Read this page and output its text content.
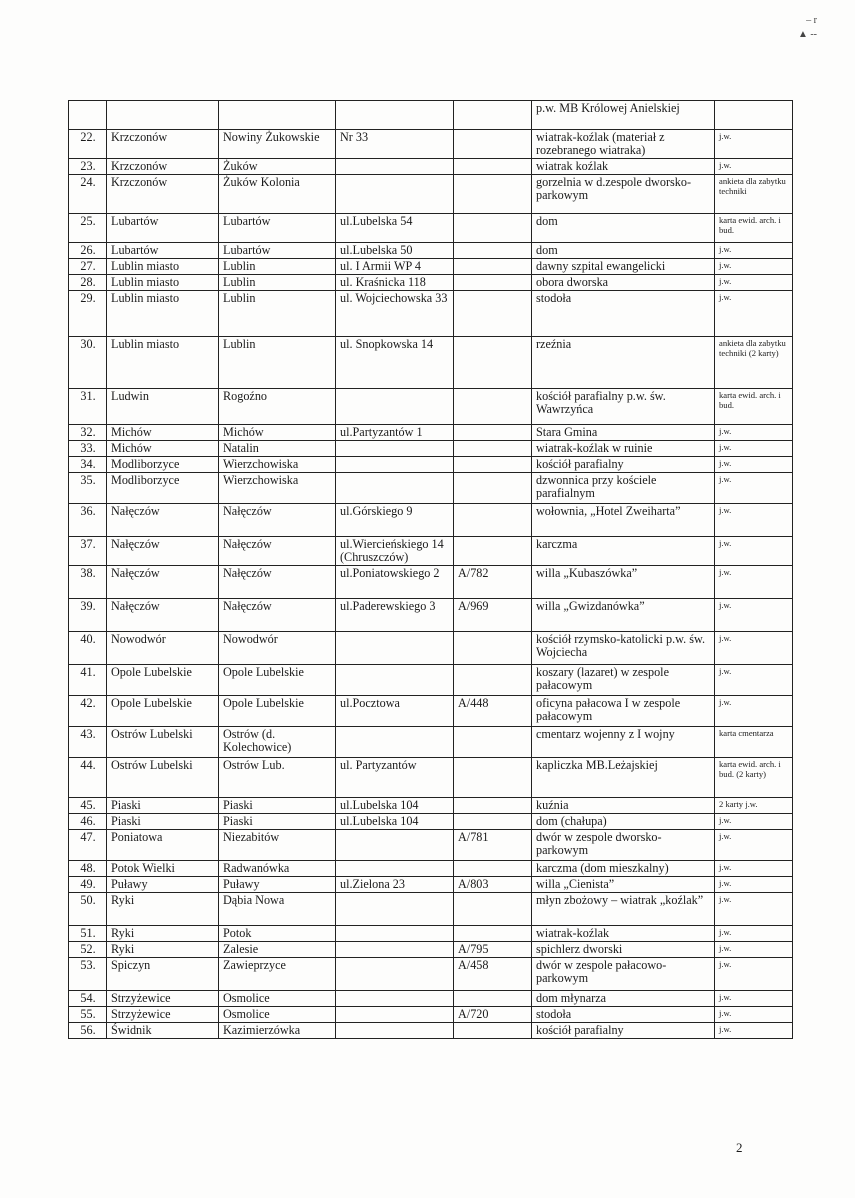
– r
▲ --
					p.w. MB Królowej Anielskiej	
22.	Krzczonów	Nowiny Żukowskie	Nr 33		wiatrak-koźlak (materiał z rozebranego wiatraka)	j.w.
23.	Krzczonów	Żuków			wiatrak koźlak	j.w.
24.	Krzczonów	Żuków Kolonia			gorzelnia w d.zespole dworsko-parkowym	ankieta dla zabytku techniki
25.	Lubartów	Lubartów	ul.Lubelska 54		dom	karta ewid. arch. i bud.
26.	Lubartów	Lubartów	ul.Lubelska 50		dom	j.w.
27.	Lublin miasto	Lublin	ul. I Armii WP 4		dawny szpital ewangelicki	j.w.
28.	Lublin miasto	Lublin	ul. Kraśnicka 118		obora dworska	j.w.
29.	Lublin miasto	Lublin	ul. Wojciechowska 33		stodoła	j.w.
30.	Lublin miasto	Lublin	ul. Snopkowska 14		rzeźnia	ankieta dla zabytku techniki (2 karty)
31.	Ludwin	Rogoźno			kościół parafialny p.w. św. Wawrzyńca	karta ewid. arch. i bud.
32.	Michów	Michów	ul.Partyzantów 1		Stara Gmina	j.w.
33.	Michów	Natalin			wiatrak-koźlak w ruinie	j.w.
34.	Modliborzyce	Wierzchowiska			kościół parafialny	j.w.
35.	Modliborzyce	Wierzchowiska			dzwonnica przy kościele parafialnym	j.w.
36.	Nałęczów	Nałęczów	ul.Górskiego 9		wołownia, „Hotel Zweiharta”	j.w.
37.	Nałęczów	Nałęczów	ul.Wiercieńskiego 14 (Chruszczów)		karczma	j.w.
38.	Nałęczów	Nałęczów	ul.Poniatowskiego 2	A/782	willa „Kubaszówka”	j.w.
39.	Nałęczów	Nałęczów	ul.Paderewskiego 3	A/969	willa „Gwizdanówka”	j.w.
40.	Nowodwór	Nowodwór			kościół rzymsko-katolicki p.w. św. Wojciecha	j.w.
41.	Opole Lubelskie	Opole Lubelskie			koszary (lazaret) w zespole pałacowym	j.w.
42.	Opole Lubelskie	Opole Lubelskie	ul.Pocztowa	A/448	oficyna pałacowa I w zespole pałacowym	j.w.
43.	Ostrów Lubelski	Ostrów (d. Kolechowice)			cmentarz wojenny z I wojny	karta cmentarza
44.	Ostrów Lubelski	Ostrów Lub.	ul. Partyzantów		kapliczka MB.Leżajskiej	karta ewid. arch. i bud. (2 karty)
45.	Piaski	Piaski	ul.Lubelska 104		kuźnia	2 karty j.w.
46.	Piaski	Piaski	ul.Lubelska 104		dom (chałupa)	j.w.
47.	Poniatowa	Niezabitów		A/781	dwór w zespole dworsko-parkowym	j.w.
48.	Potok Wielki	Radwanówka			karczma (dom mieszkalny)	j.w.
49.	Puławy	Puławy	ul.Zielona 23	A/803	willa „Cienista”	j.w.
50.	Ryki	Dąbia Nowa			młyn zbożowy – wiatrak „koźlak”	j.w.
51.	Ryki	Potok			wiatrak-koźlak	j.w.
52.	Ryki	Zalesie		A/795	spichlerz dworski	j.w.
53.	Spiczyn	Zawieprzyce		A/458	dwór w zespole pałacowo-parkowym	j.w.
54.	Strzyżewice	Osmolice			dom młynarza	j.w.
55.	Strzyżewice	Osmolice		A/720	stodoła	j.w.
56.	Świdnik	Kazimierzówka			kościół parafialny	j.w.
2
